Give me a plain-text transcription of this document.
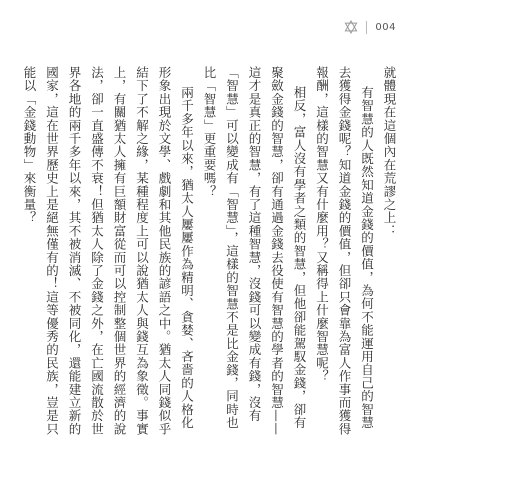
004

就體現在這個內在荒謬之上：

有智慧的人既然知道金錢的價值，為何不能運用自己的智慧去獲得金錢呢？知道金錢的價值，但卻只會靠為富人作事而獲得報酬，這樣的智慧又有什麼用？又稱得上什麼智慧呢？

相反，富人沒有學者之類的智慧，但他卻能駕馭金錢，卻有聚斂金錢的智慧，卻有通過金錢去役使有智慧的學者的智慧——這才是真正的智慧，有了這種智慧，沒錢可以變成有錢，沒有「智慧」可以變成有「智慧」，這樣的智慧不是比金錢，同時也比「智慧」更重要嗎？

兩千多年以來，猶太人屢屢作為精明、貪婪、吝嗇的人格化形象出現於文學、戲劇和其他民族的諺語之中。猶太人同錢似乎結下了不解之緣，某種程度上可以說猶太人與錢互為象徵。事實上，有關猶太人擁有巨額財富從而可以控制整個世界的經濟的說法，卻一直盛傳不衰！但猶太人除了金錢之外，在亡國流散於世界各地的兩千多年以來，其不被消滅、不被同化，還能建立新的國家，這在世界歷史上是絕無僅有的！這等優秀的民族，豈是只能以「金錢動物」來衡量？
